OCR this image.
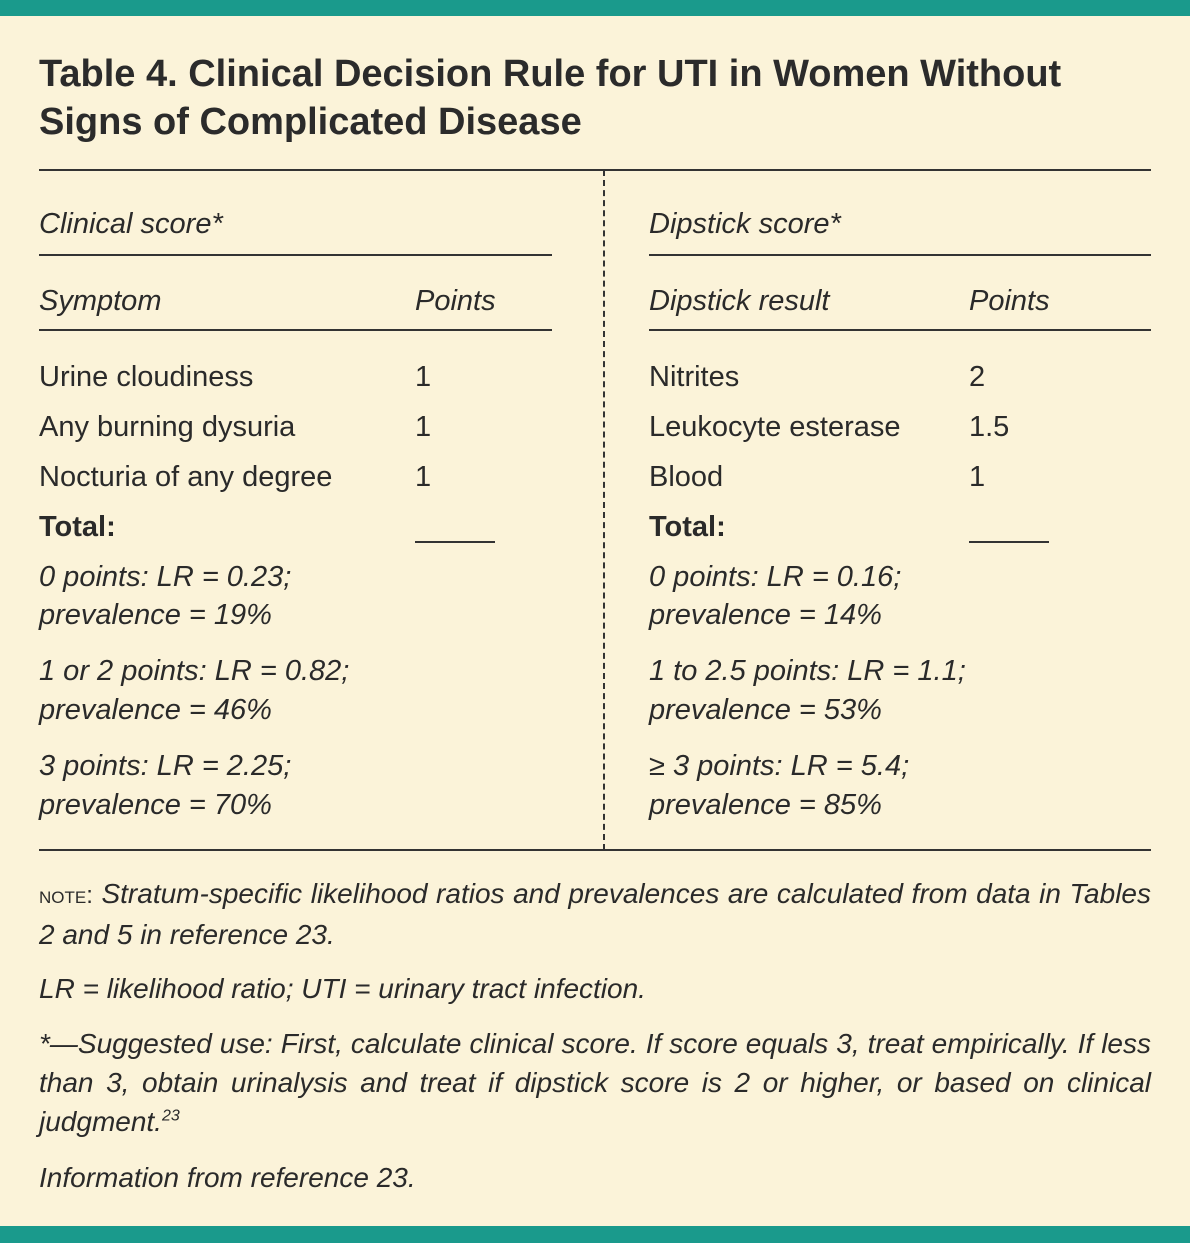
Table 4. Clinical Decision Rule for UTI in Women Without Signs of Complicated Disease
Clinical score*
Symptom	Points
Urine cloudiness	1
Any burning dysuria	1
Nocturia of any degree	1
Total:
0 points: LR = 0.23;
prevalence = 19%
1 or 2 points: LR = 0.82;
prevalence = 46%
3 points: LR = 2.25;
prevalence = 70%
Dipstick score*
Dipstick result	Points
Nitrites	2
Leukocyte esterase 1.5
Blood	1
Total:
0 points: LR = 0.16;
prevalence = 14%
1 to 2.5 points: LR = 1.1;
prevalence = 53%
≥ 3 points: LR = 5.4;
prevalence = 85%
note: Stratum-specific likelihood ratios and prevalences are calculated from data in Tables 2 and 5 in reference 23.
LR = likelihood ratio; UTI = urinary tract infection.
*—Suggested use: First, calculate clinical score. If score equals 3, treat empirically. If less than 3, obtain urinalysis and treat if dipstick score is 2 or higher, or based on clinical judgment.$^{23}$
Information from reference 23.
